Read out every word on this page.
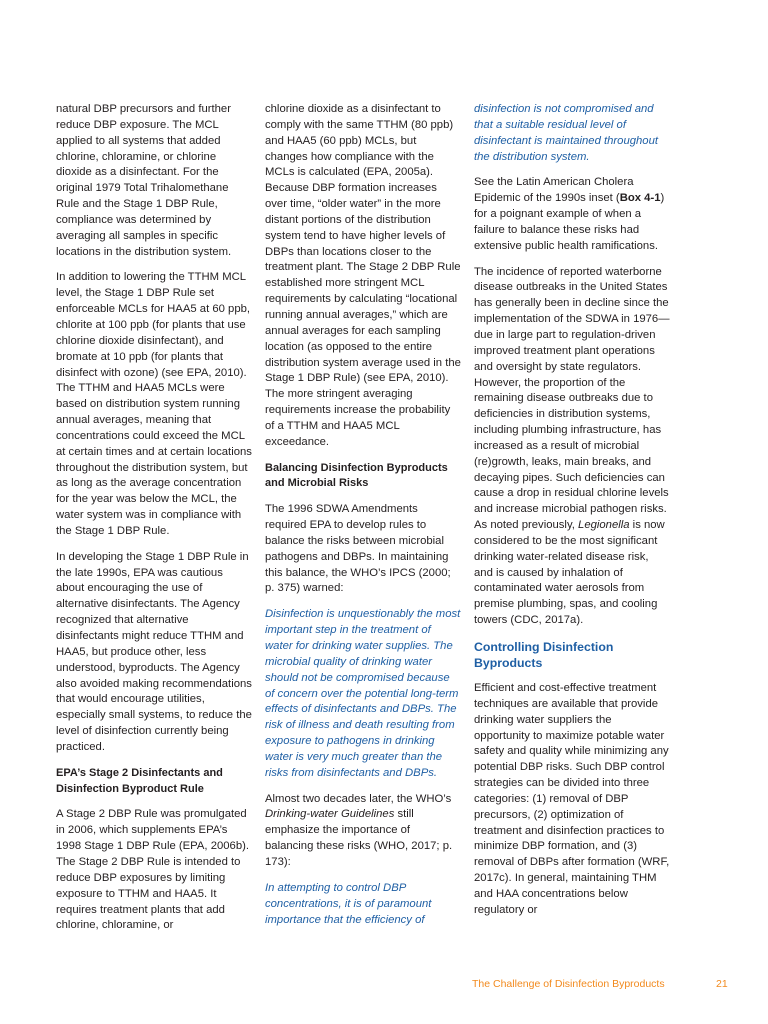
natural DBP precursors and further reduce DBP exposure. The MCL applied to all systems that added chlorine, chloramine, or chlorine dioxide as a disinfectant. For the original 1979 Total Trihalomethane Rule and the Stage 1 DBP Rule, compliance was determined by averaging all samples in specific locations in the distribution system.

In addition to lowering the TTHM MCL level, the Stage 1 DBP Rule set enforceable MCLs for HAA5 at 60 ppb, chlorite at 100 ppb (for plants that use chlorine dioxide disinfectant), and bromate at 10 ppb (for plants that disinfect with ozone) (see EPA, 2010). The TTHM and HAA5 MCLs were based on distribution system running annual averages, meaning that concentrations could exceed the MCL at certain times and at certain locations throughout the distribution system, but as long as the average concentration for the year was below the MCL, the water system was in compliance with the Stage 1 DBP Rule.

In developing the Stage 1 DBP Rule in the late 1990s, EPA was cautious about encouraging the use of alternative disinfectants. The Agency recognized that alternative disinfectants might reduce TTHM and HAA5, but produce other, less understood, byproducts. The Agency also avoided making recommendations that would encourage utilities, especially small systems, to reduce the level of disinfection currently being practiced.

EPA’s Stage 2 Disinfectants and Disinfection Byproduct Rule

A Stage 2 DBP Rule was promulgated in 2006, which supplements EPA’s 1998 Stage 1 DBP Rule (EPA, 2006b). The Stage 2 DBP Rule is intended to reduce DBP exposures by limiting exposure to TTHM and HAA5. It requires treatment plants that add chlorine, chloramine, or

chlorine dioxide as a disinfectant to comply with the same TTHM (80 ppb) and HAA5 (60 ppb) MCLs, but changes how compliance with the MCLs is calculated (EPA, 2005a). Because DBP formation increases over time, “older water” in the more distant portions of the distribution system tend to have higher levels of DBPs than locations closer to the treatment plant. The Stage 2 DBP Rule established more stringent MCL requirements by calculating “locational running annual averages,” which are annual averages for each sampling location (as opposed to the entire distribution system average used in the Stage 1 DBP Rule) (see EPA, 2010). The more stringent averaging requirements increase the probability of a TTHM and HAA5 MCL exceedance.

Balancing Disinfection Byproducts and Microbial Risks

The 1996 SDWA Amendments required EPA to develop rules to balance the risks between microbial pathogens and DBPs. In maintaining this balance, the WHO’s IPCS (2000; p. 375) warned:

Disinfection is unquestionably the most important step in the treatment of water for drinking water supplies. The microbial quality of drinking water should not be compromised because of concern over the potential long-term effects of disinfectants and DBPs. The risk of illness and death resulting from exposure to pathogens in drinking water is very much greater than the risks from disinfectants and DBPs.

Almost two decades later, the WHO’s Drinking-water Guidelines still emphasize the importance of balancing these risks (WHO, 2017; p. 173):

In attempting to control DBP concentrations, it is of paramount importance that the efficiency of

disinfection is not compromised and that a suitable residual level of disinfectant is maintained throughout the distribution system.

See the Latin American Cholera Epidemic of the 1990s inset (Box 4-1) for a poignant example of when a failure to balance these risks had extensive public health ramifications.

The incidence of reported waterborne disease outbreaks in the United States has generally been in decline since the implementation of the SDWA in 1976—due in large part to regulation-driven improved treatment plant operations and oversight by state regulators. However, the proportion of the remaining disease outbreaks due to deficiencies in distribution systems, including plumbing infrastructure, has increased as a result of microbial (re)growth, leaks, main breaks, and decaying pipes. Such deficiencies can cause a drop in residual chlorine levels and increase microbial pathogen risks. As noted previously, Legionella is now considered to be the most significant drinking water-related disease risk, and is caused by inhalation of contaminated water aerosols from premise plumbing, spas, and cooling towers (CDC, 2017a).

Controlling Disinfection Byproducts

Efficient and cost-effective treatment techniques are available that provide drinking water suppliers the opportunity to maximize potable water safety and quality while minimizing any potential DBP risks. Such DBP control strategies can be divided into three categories: (1) removal of DBP precursors, (2) optimization of treatment and disinfection practices to minimize DBP formation, and (3) removal of DBPs after formation (WRF, 2017c). In general, maintaining THM and HAA concentrations below regulatory or

The Challenge of Disinfection Byproducts	21
